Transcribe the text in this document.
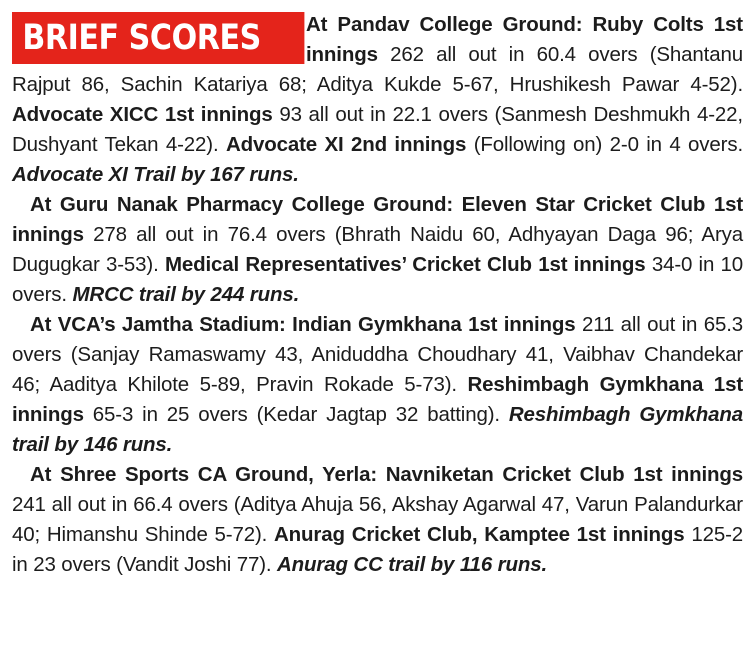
At Pandav College Ground: Ruby Colts 1st innings 262 all out in 60.4 overs (Shantanu Rajput 86, Sachin Katariya 68; Aditya Kukde 5-67, Hrushikesh Pawar 4-52). Advocate XICC 1st innings 93 all out in 22.1 overs (Sanmesh Deshmukh 4-22, Dushyant Tekan 4-22). Advocate XI 2nd innings (Following on) 2-0 in 4 overs. Advocate XI Trail by 167 runs.

At Guru Nanak Pharmacy College Ground: Eleven Star Cricket Club 1st innings 278 all out in 76.4 overs (Bhrath Naidu 60, Adhyayan Daga 96; Arya Dugugkar 3-53). Medical Representatives’ Cricket Club 1st innings 34-0 in 10 overs. MRCC trail by 244 runs.

At VCA’s Jamtha Stadium: Indian Gymkhana 1st innings 211 all out in 65.3 overs (Sanjay Ramaswamy 43, Aniduddha Choudhary 41, Vaibhav Chandekar 46; Aaditya Khilote 5-89, Pravin Rokade 5-73). Reshimbagh Gymkhana 1st innings 65-3 in 25 overs (Kedar Jagtap 32 batting). Reshimbagh Gymkhana trail by 146 runs.

At Shree Sports CA Ground, Yerla: Navniketan Cricket Club 1st innings 241 all out in 66.4 overs (Aditya Ahuja 56, Akshay Agarwal 47, Varun Palandurkar 40; Himanshu Shinde 5-72). Anurag Cricket Club, Kamptee 1st innings 125-2 in 23 overs (Vandit Joshi 77). Anurag CC trail by 116 runs.

BRIEF SCORES
